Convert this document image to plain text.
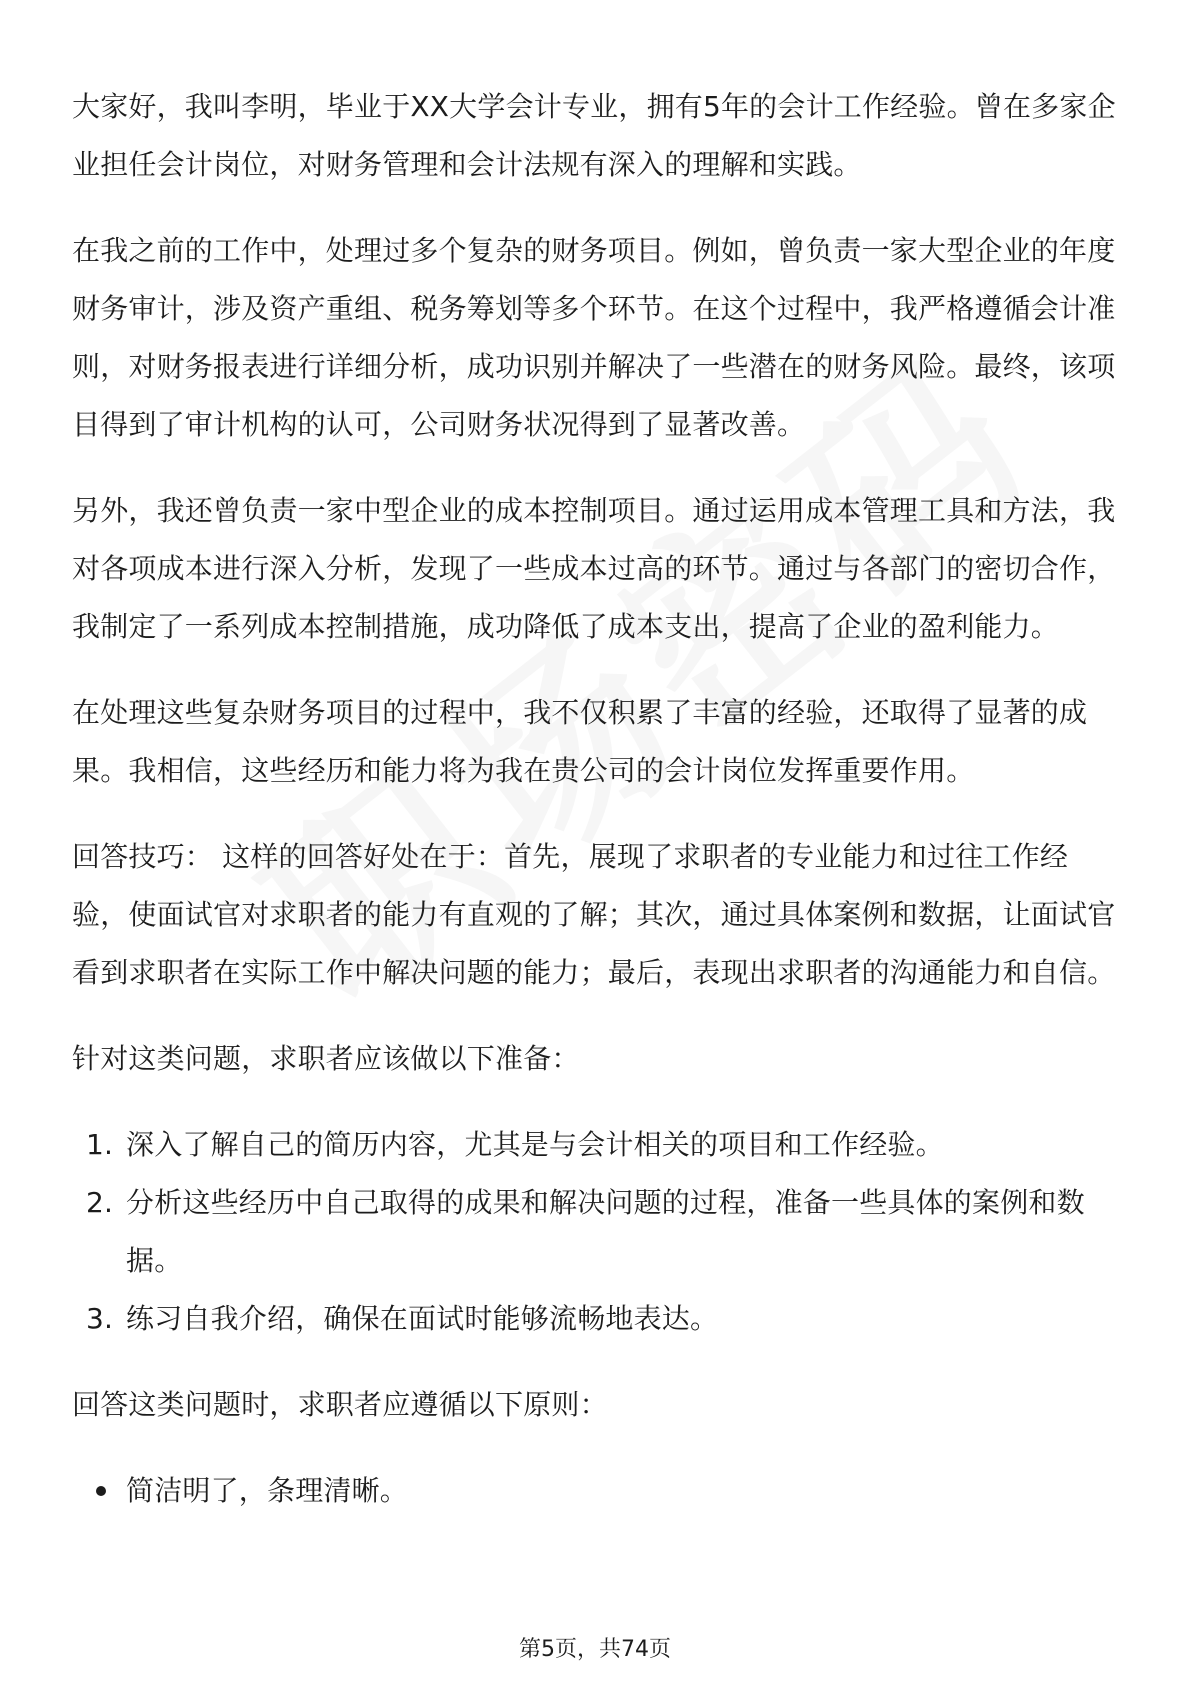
大家好，我叫李明，毕业于XX大学会计专业，拥有5年的会计工作经验。曾在多家企业担任会计岗位，对财务管理和会计法规有深入的理解和实践。

在我之前的工作中，处理过多个复杂的财务项目。例如，曾负责一家大型企业的年度财务审计，涉及资产重组、税务筹划等多个环节。在这个过程中，我严格遵循会计准则，对财务报表进行详细分析，成功识别并解决了一些潜在的财务风险。最终，该项目得到了审计机构的认可，公司财务状况得到了显著改善。

另外，我还曾负责一家中型企业的成本控制项目。通过运用成本管理工具和方法，我对各项成本进行深入分析，发现了一些成本过高的环节。通过与各部门的密切合作，我制定了一系列成本控制措施，成功降低了成本支出，提高了企业的盈利能力。

在处理这些复杂财务项目的过程中，我不仅积累了丰富的经验，还取得了显著的成果。我相信，这些经历和能力将为我在贵公司的会计岗位发挥重要作用。

回答技巧： 这样的回答好处在于：首先，展现了求职者的专业能力和过往工作经验，使面试官对求职者的能力有直观的了解；其次，通过具体案例和数据，让面试官看到求职者在实际工作中解决问题的能力；最后，表现出求职者的沟通能力和自信。

针对这类问题，求职者应该做以下准备：

1. 深入了解自己的简历内容，尤其是与会计相关的项目和工作经验。
2. 分析这些经历中自己取得的成果和解决问题的过程，准备一些具体的案例和数据。
3. 练习自我介绍，确保在面试时能够流畅地表达。

回答这类问题时，求职者应遵循以下原则：

简洁明了，条理清晰。
第5页，共74页
